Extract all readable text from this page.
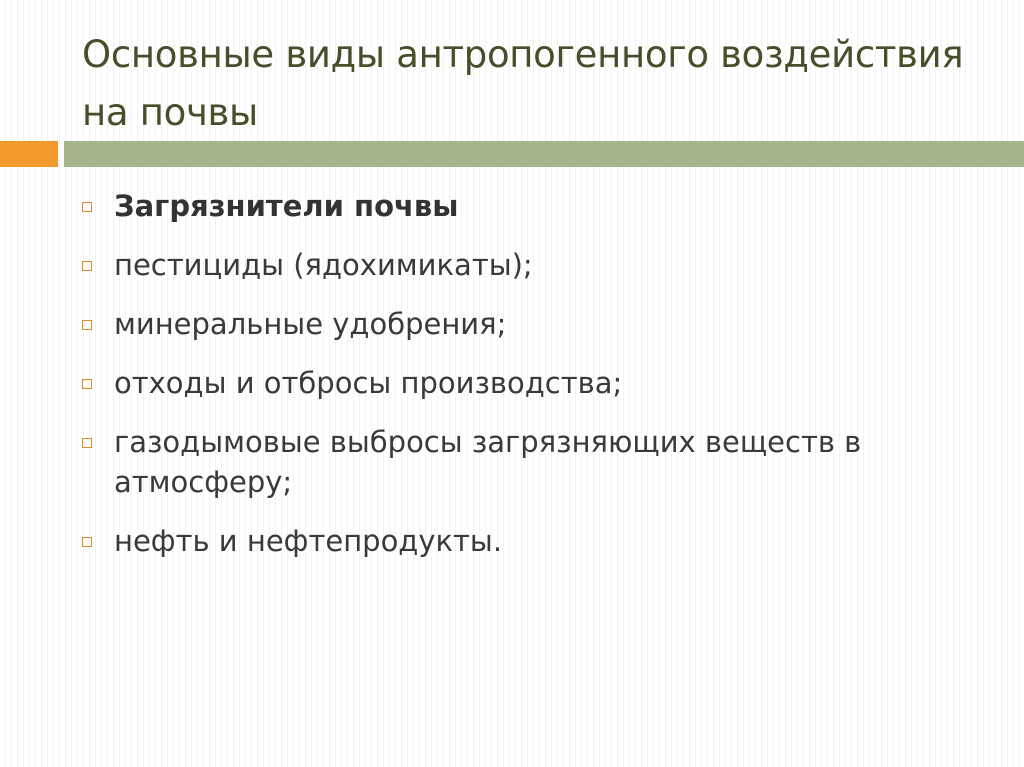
Основные виды антропогенного воздействия на почвы
Загрязнители почвы
пестициды (ядохимикаты);
минеральные удобрения;
отходы и отбросы производства;
газодымовые выбросы загрязняющих веществ в атмосферу;
нефть и нефтепродукты.
